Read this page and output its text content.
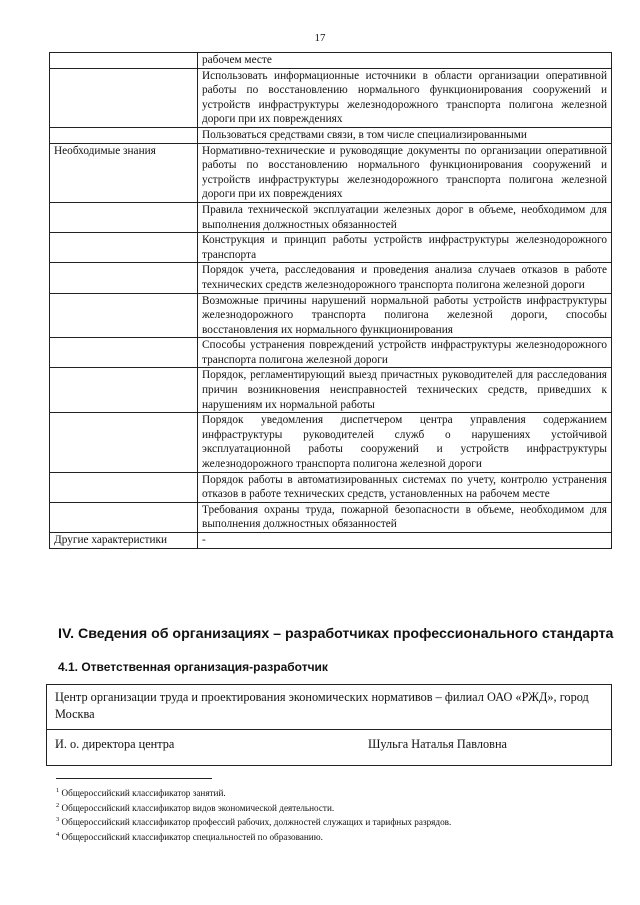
17
	рабочем месте
	Использовать информационные источники в области организации оперативной работы по восстановлению нормального функционирования сооружений и устройств инфраструктуры железнодорожного транспорта полигона железной дороги при их повреждениях
	Пользоваться средствами связи, в том числе специализированными
Необходимые знания	Нормативно-технические и руководящие документы по организации оперативной работы по восстановлению нормального функционирования сооружений и устройств инфраструктуры железнодорожного транспорта полигона железной дороги при их повреждениях
	Правила технической эксплуатации железных дорог в объеме, необходимом для выполнения должностных обязанностей
	Конструкция и принцип работы устройств инфраструктуры железнодорожного транспорта
	Порядок учета, расследования и проведения анализа случаев отказов в работе технических средств железнодорожного транспорта полигона железной дороги
	Возможные причины нарушений нормальной работы устройств инфраструктуры железнодорожного транспорта полигона железной дороги, способы восстановления их нормального функционирования
	Способы устранения повреждений устройств инфраструктуры железнодорожного транспорта полигона железной дороги
	Порядок, регламентирующий выезд причастных руководителей для расследования причин возникновения неисправностей технических средств, приведших к нарушениям их нормальной работы
	Порядок уведомления диспетчером центра управления содержанием инфраструктуры руководителей служб о нарушениях устойчивой эксплуатационной работы сооружений и устройств инфраструктуры железнодорожного транспорта полигона железной дороги
	Порядок работы в автоматизированных системах по учету, контролю устранения отказов в работе технических средств, установленных на рабочем месте
	Требования охраны труда, пожарной безопасности в объеме, необходимом для выполнения должностных обязанностей
Другие характеристики	-
IV. Сведения об организациях – разработчиках профессионального стандарта
4.1. Ответственная организация-разработчик
Центр организации труда и проектирования экономических нормативов – филиал ОАО «РЖД», город Москва
И. о. директора центра	Шульга Наталья Павловна
$^1$ Общероссийский классификатор занятий.
$^2$ Общероссийский классификатор видов экономической деятельности.
$^3$ Общероссийский классификатор профессий рабочих, должностей служащих и тарифных разрядов.
$^4$ Общероссийский классификатор специальностей по образованию.
